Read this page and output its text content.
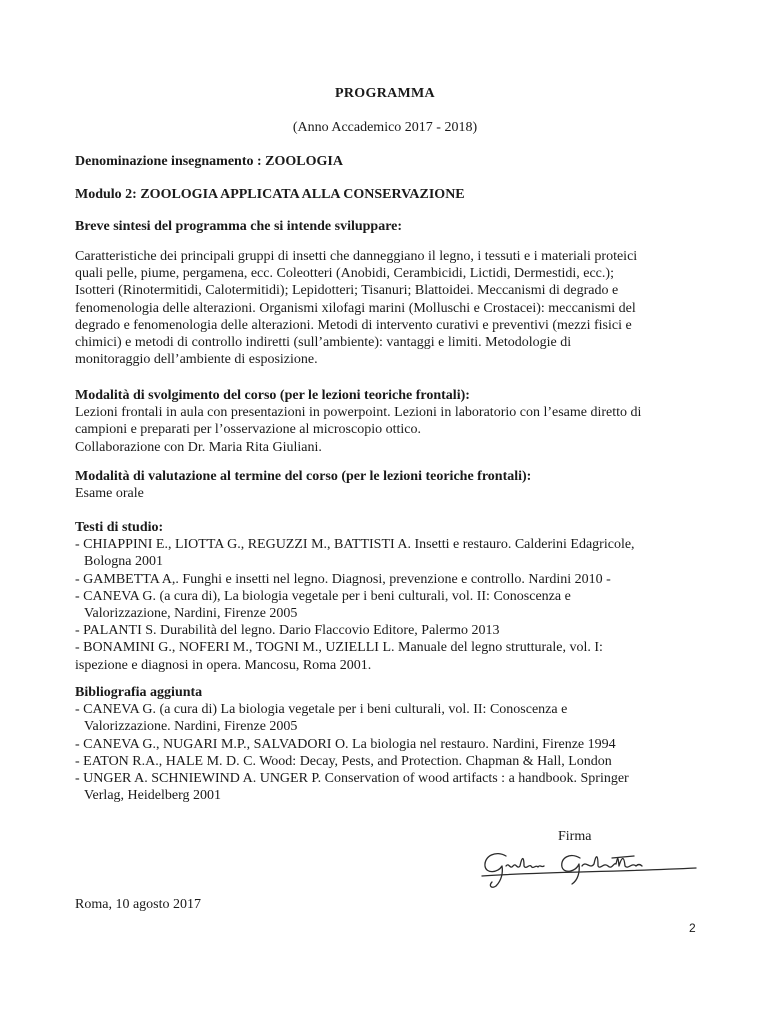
PROGRAMMA
(Anno Accademico 2017 - 2018)
Denominazione insegnamento : ZOOLOGIA
Modulo 2: ZOOLOGIA APPLICATA ALLA CONSERVAZIONE
Breve sintesi del programma che si intende sviluppare:
Caratteristiche dei principali gruppi di insetti che danneggiano il legno, i tessuti e i materiali proteici
quali pelle, piume, pergamena, ecc. Coleotteri (Anobidi, Cerambicidi, Lictidi, Dermestidi, ecc.);
Isotteri (Rinotermitidi, Calotermitidi); Lepidotteri; Tisanuri; Blattoidei. Meccanismi di degrado e
fenomenologia delle alterazioni. Organismi xilofagi marini (Molluschi e Crostacei): meccanismi del
degrado e fenomenologia delle alterazioni. Metodi di intervento curativi e preventivi (mezzi fisici e
chimici) e metodi di controllo indiretti (sull’ambiente): vantaggi e limiti. Metodologie di
monitoraggio dell’ambiente di esposizione.
Modalità di svolgimento del corso (per le lezioni teoriche frontali):
Lezioni frontali in aula con presentazioni in powerpoint. Lezioni in laboratorio con l’esame diretto di
campioni e preparati per l’osservazione al microscopio ottico.
Collaborazione con Dr. Maria Rita Giuliani.
Modalità di valutazione al termine del corso (per le lezioni teoriche frontali):
Esame orale
Testi di studio:
- CHIAPPINI E., LIOTTA G., REGUZZI M., BATTISTI A. Insetti e restauro. Calderini Edagricole,
Bologna 2001
- GAMBETTA A,. Funghi e insetti nel legno. Diagnosi, prevenzione e controllo. Nardini 2010 -
- CANEVA G. (a cura di), La biologia vegetale per i beni culturali, vol. II: Conoscenza e
Valorizzazione, Nardini, Firenze 2005
- PALANTI S. Durabilità del legno. Dario Flaccovio Editore, Palermo 2013
- BONAMINI G., NOFERI M., TOGNI M., UZIELLI L. Manuale del legno strutturale, vol. I:
ispezione e diagnosi in opera. Mancosu, Roma 2001.
Bibliografia aggiunta
- CANEVA G. (a cura di) La biologia vegetale per i beni culturali, vol. II: Conoscenza e
Valorizzazione. Nardini, Firenze 2005
- CANEVA G., NUGARI M.P., SALVADORI O. La biologia nel restauro. Nardini, Firenze 1994
- EATON R.A., HALE M. D. C. Wood: Decay, Pests, and Protection. Chapman & Hall, London
- UNGER A. SCHNIEWIND A. UNGER P. Conservation of wood artifacts : a handbook. Springer
Verlag, Heidelberg 2001
Firma
Roma, 10 agosto 2017
2
